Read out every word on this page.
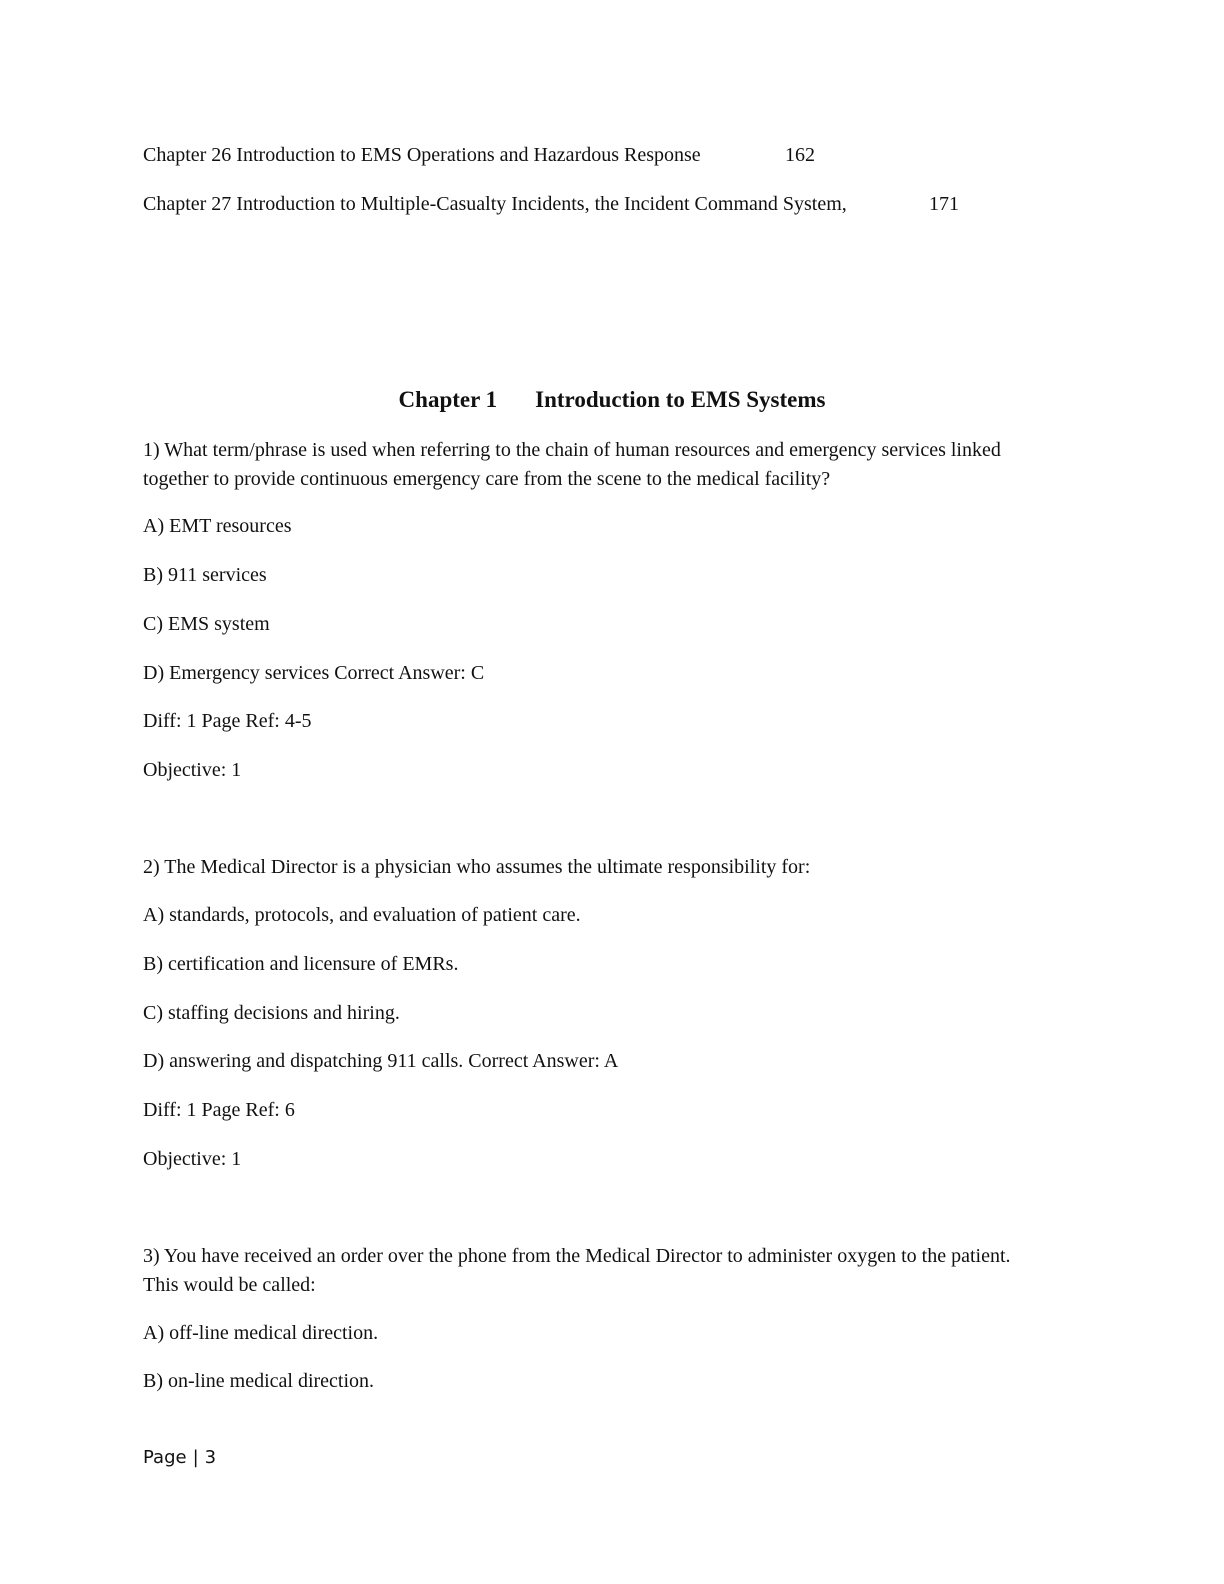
Chapter 26 Introduction to EMS Operations and Hazardous Response	162
Chapter 27 Introduction to Multiple-Casualty Incidents, the Incident Command System,	171
Chapter 1 Introduction to EMS Systems
1) What term/phrase is used when referring to the chain of human resources and emergency services linked together to provide continuous emergency care from the scene to the medical facility?
A) EMT resources
B) 911 services
C) EMS system
D) Emergency services Correct Answer: C
Diff: 1 Page Ref: 4-5
Objective: 1
2) The Medical Director is a physician who assumes the ultimate responsibility for:
A) standards, protocols, and evaluation of patient care.
B) certification and licensure of EMRs.
C) staffing decisions and hiring.
D) answering and dispatching 911 calls. Correct Answer: A
Diff: 1 Page Ref: 6
Objective: 1
3) You have received an order over the phone from the Medical Director to administer oxygen to the patient. This would be called:
A) off-line medical direction.
B) on-line medical direction.
Page | 3
